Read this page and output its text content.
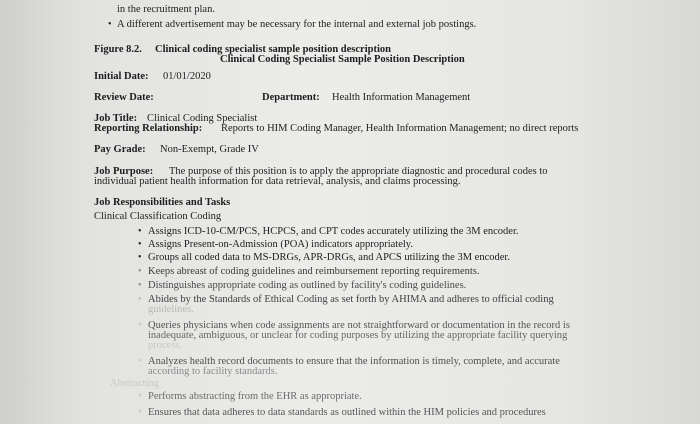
in the recruitment plan.
• A different advertisement may be necessary for the internal and external job postings.
Figure 8.2. Clinical coding specialist sample position description
Clinical Coding Specialist Sample Position Description
Initial Date: 01/01/2020
Review Date:	Department: Health Information Management
Job Title: Clinical Coding Specialist
Reporting Relationship: Reports to HIM Coding Manager, Health Information Management; no direct reports
Pay Grade: Non-Exempt, Grade IV
Job Purpose: The purpose of this position is to apply the appropriate diagnostic and procedural codes to
individual patient health information for data retrieval, analysis, and claims processing.
Job Responsibilities and Tasks
Clinical Classification Coding
• Assigns ICD-10-CM/PCS, HCPCS, and CPT codes accurately utilizing the 3M encoder.
• Assigns Present-on-Admission (POA) indicators appropriately.
• Groups all coded data to MS-DRGs, APR-DRGs, and APCS utilizing the 3M encoder.
• Keeps abreast of coding guidelines and reimbursement reporting requirements.
• Distinguishes appropriate coding as outlined by facility's coding guidelines.
• Abides by the Standards of Ethical Coding as set forth by AHIMA and adheres to official coding
guidelines.
• Queries physicians when code assignments are not straightforward or documentation in the record is
inadequate, ambiguous, or unclear for coding purposes by utilizing the appropriate facility querying
process.
• Analyzes health record documents to ensure that the information is timely, complete, and accurate
according to facility standards.
Abstracting
• Performs abstracting from the EHR as appropriate.
• Ensures that data adheres to data standards as outlined within the HIM policies and procedures
